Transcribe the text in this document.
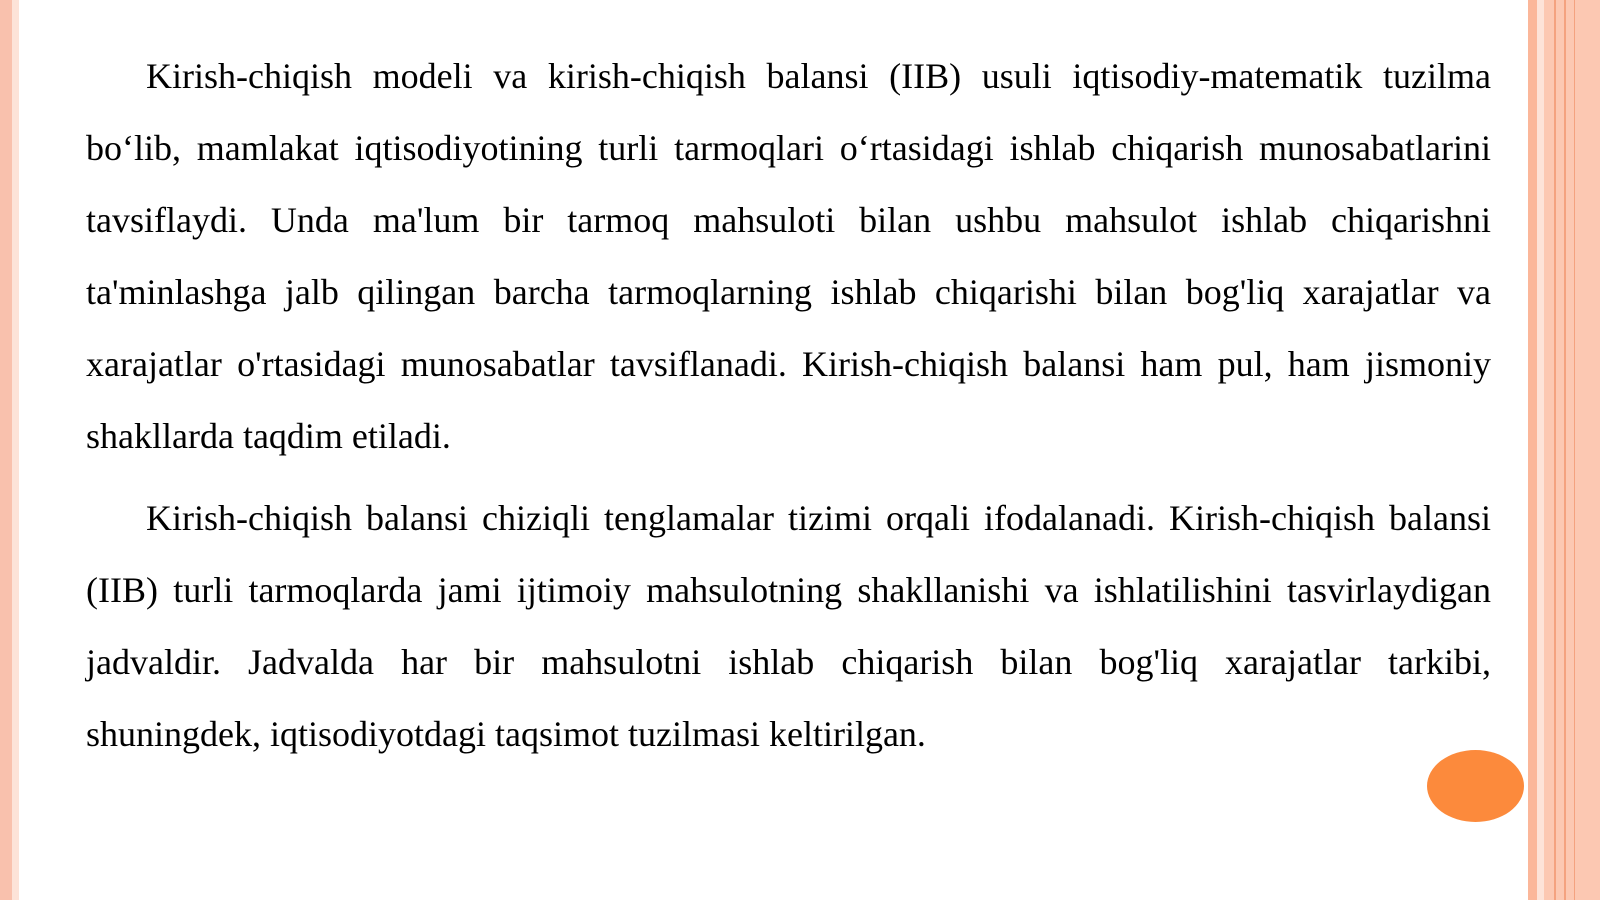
Kirish-chiqish modeli va kirish-chiqish balansi (IIB) usuli iqtisodiy-matematik tuzilma bo‘lib, mamlakat iqtisodiyotining turli tarmoqlari o‘rtasidagi ishlab chiqarish munosabatlarini tavsiflaydi. Unda ma'lum bir tarmoq mahsuloti bilan ushbu mahsulot ishlab chiqarishni ta'minlashga jalb qilingan barcha tarmoqlarning ishlab chiqarishi bilan bog'liq xarajatlar va xarajatlar o'rtasidagi munosabatlar tavsiflanadi. Kirish-chiqish balansi ham pul, ham jismoniy shakllarda taqdim etiladi.

Kirish-chiqish balansi chiziqli tenglamalar tizimi orqali ifodalanadi. Kirish-chiqish balansi (IIB) turli tarmoqlarda jami ijtimoiy mahsulotning shakllanishi va ishlatilishini tasvirlaydigan jadvaldir. Jadvalda har bir mahsulotni ishlab chiqarish bilan bog'liq xarajatlar tarkibi, shuningdek, iqtisodiyotdagi taqsimot tuzilmasi keltirilgan.
